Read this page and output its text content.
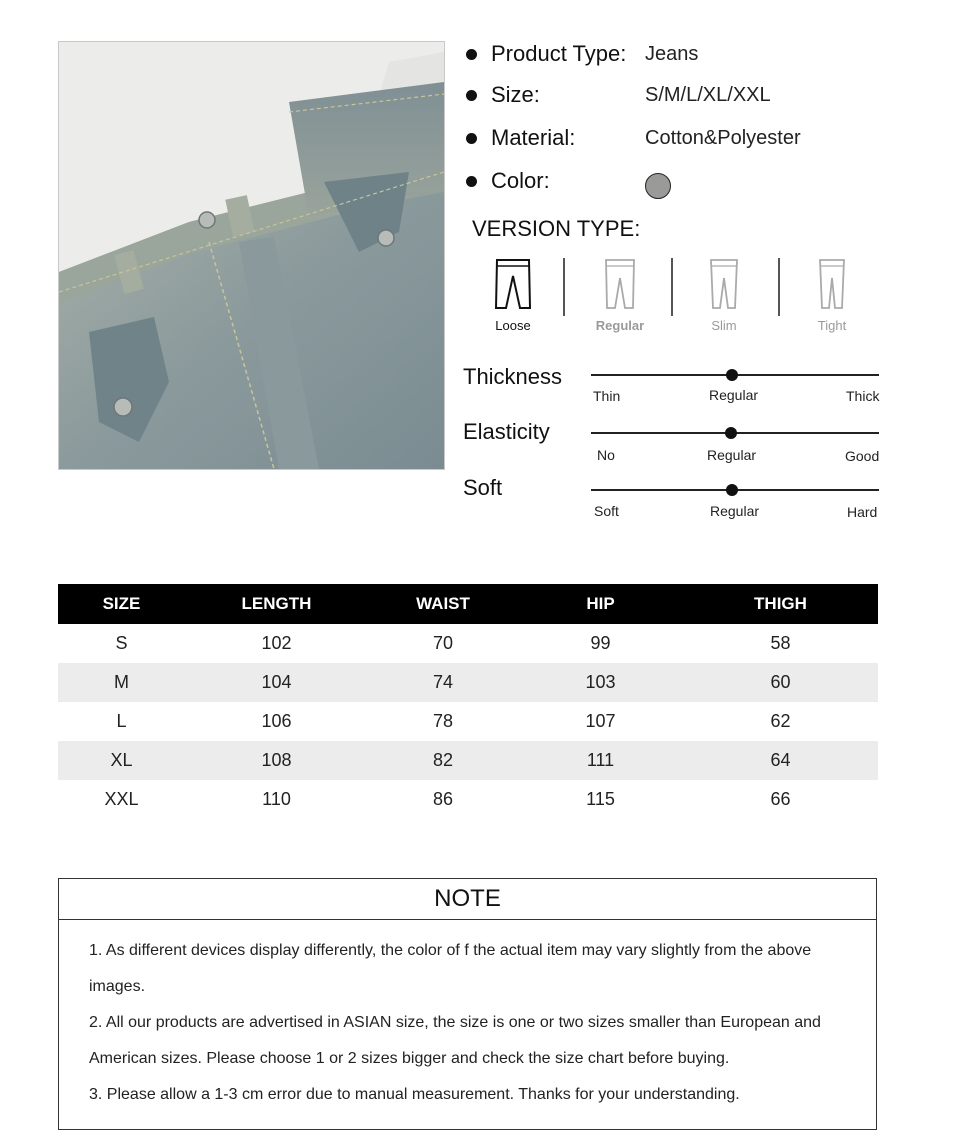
Product Type: Jeans
Size:	S/M/L/XL/XXL
Material:	Cotton&Polyester
Color:
VERSION TYPE:
Loose	Regular	Slim	Tight
Thickness
Thin	Regular	Thick
Elasticity
No	Regular	Good
Soft
Soft	Regular	Hard
SIZE	LENGTH	WAIST	HIP	THIGH
S	102	70	99	58
M	104	74	103	60
L	106	78	107	62
XL	108	82	111	64
XXL	110	86	115	66
NOTE

1. As different devices display differently, the color of f the actual item may vary slightly from the above images.

2. All our products are advertised in ASIAN size, the size is one or two sizes smaller than European and American sizes. Please choose 1 or 2 sizes bigger and check the size chart before buying.

3. Please allow a 1-3 cm error due to manual measurement. Thanks for your understanding.
